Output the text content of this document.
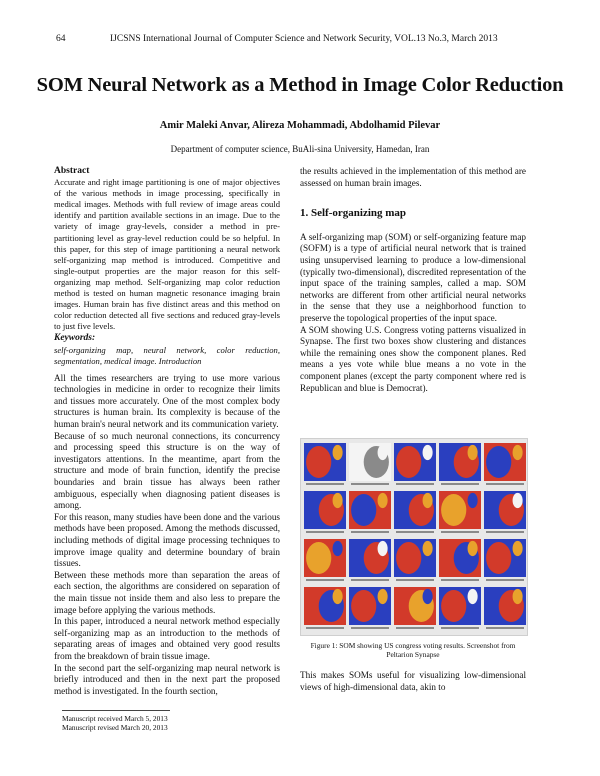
64	IJCSNS International Journal of Computer Science and Network Security, VOL.13 No.3, March 2013
SOM Neural Network as a Method in Image Color Reduction
Amir Maleki Anvar, Alireza Mohammadi, Abdolhamid Pilevar
Department of computer science, BuAli-sina University, Hamedan, Iran
Abstract

Accurate and right image partitioning is one of major objectives of the various methods in image processing, specifically in medical images. Methods with full review of image areas could identify and partition available sections in an image. Due to the variety of image gray-levels, consider a method in pre-partitioning level as gray-level reduction could be so helpful. In this paper, for this step of image partitioning a neural network self-organizing map method is introduced. Competitive and single-output properties are the major reason for this self-organizing map method. Self-organizing map color reduction method is tested on human magnetic resonance imaging brain images. Human brain has five distinct areas and this method on color reduction detected all five sections and reduced gray-levels to just five levels.

Keywords:

self-organizing map, neural network, color reduction, segmentation, medical image. Introduction

All the times researchers are trying to use more various technologies in medicine in order to recognize their limits and tissues more accurately. One of the most complex body structures is human brain. Its complexity is because of the human brain's neural network and its communication variety.

Because of so much neuronal connections, its concurrency and processing speed this structure is on the way of investigators attentions. In the meantime, apart from the structure and mode of brain function, identify the precise boundaries and brain tissue has always been rather ambiguous, especially when diagnosing patient diseases is among.

For this reason, many studies have been done and the various methods have been proposed. Among the methods discussed, including methods of digital image processing techniques to improve image quality and determine boundary of brain tissues.

Between these methods more than separation the areas of each section, the algorithms are considered on separation of the main tissue not inside them and also less to prepare the image before applying the various methods.

In this paper, introduced a neural network method especially self-organizing map as an introduction to the methods of separating areas of images and obtained very good results from the breakdown of brain tissue image.

In the second part the self-organizing map neural network is briefly introduced and then in the next part the proposed method is investigated. In the fourth section,

the results achieved in the implementation of this method are assessed on human brain images.

1. Self-organizing map

A self-organizing map (SOM) or self-organizing feature map (SOFM) is a type of artificial neural network that is trained using unsupervised learning to produce a low-dimensional (typically two-dimensional), discredited representation of the input space of the training samples, called a map. SOM networks are different from other artificial neural networks in the sense that they use a neighborhood function to preserve the topological properties of the input space.

A SOM showing U.S. Congress voting patterns visualized in Synapse. The first two boxes show clustering and distances while the remaining ones show the component planes. Red means a yes vote while blue means a no vote in the component planes (except the party component where red is Republican and blue is Democrat).

Figure 1: SOM showing US congress voting results. Screenshot from Peltarion Synapse

This makes SOMs useful for visualizing low-dimensional views of high-dimensional data, akin to

Manuscript received March 5, 2013
Manuscript revised March 20, 2013
